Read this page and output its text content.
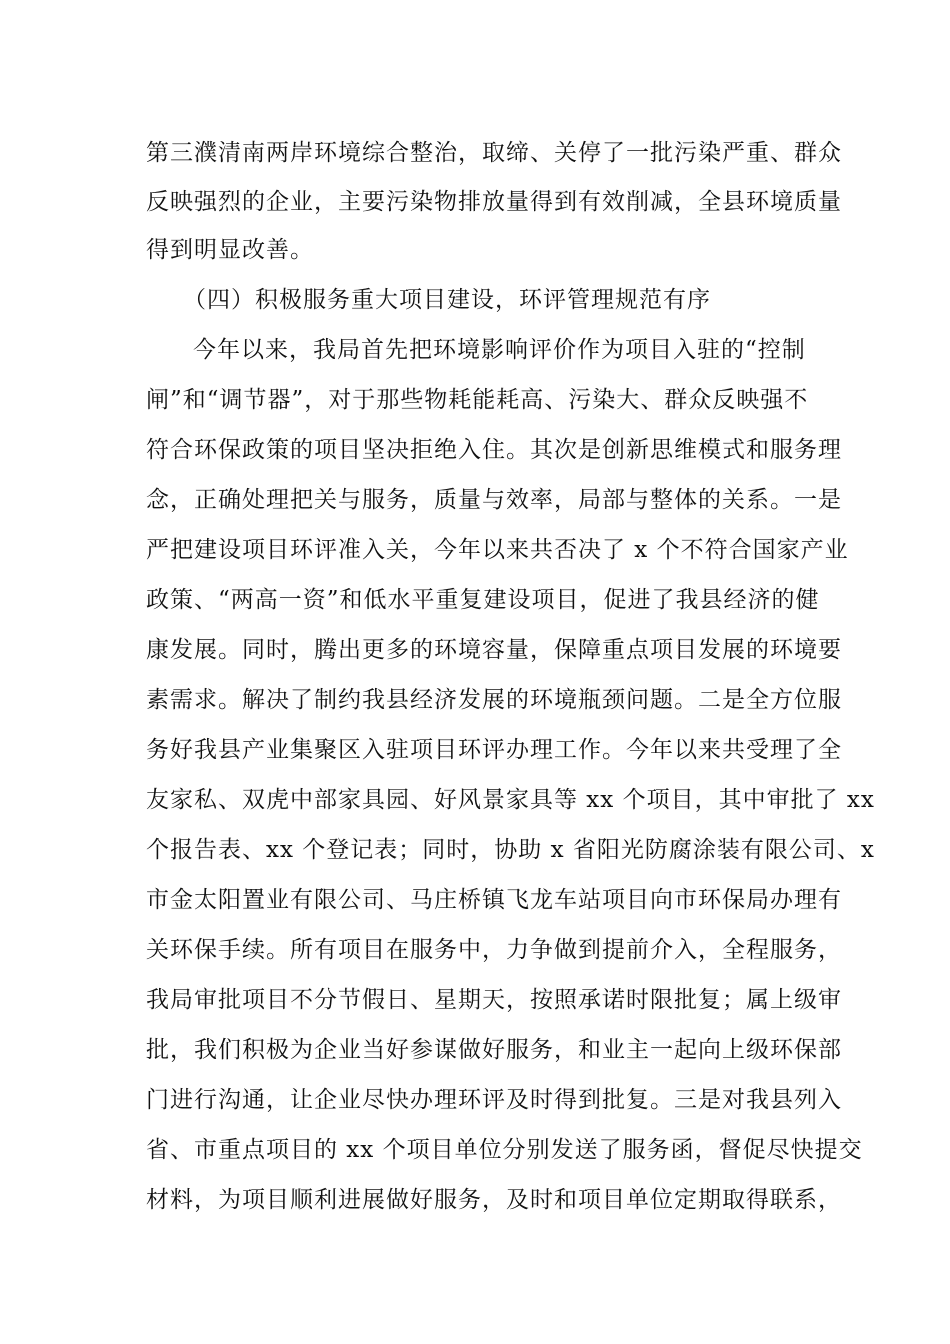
第三濮清南两岸环境综合整治，取缔、关停了一批污染严重、群众
反映强烈的企业，主要污染物排放量得到有效削减，全县环境质量
得到明显改善。
（四）积极服务重大项目建设，环评管理规范有序
今年以来，我局首先把环境影响评价作为项目入驻的“控制
闸”和“调节器”，对于那些物耗能耗高、污染大、群众反映强不
符合环保政策的项目坚决拒绝入住。其次是创新思维模式和服务理
念，正确处理把关与服务，质量与效率，局部与整体的关系。一是
严把建设项目环评准入关，今年以来共否决了 x 个不符合国家产业
政策、“两高一资”和低水平重复建设项目，促进了我县经济的健
康发展。同时，腾出更多的环境容量，保障重点项目发展的环境要
素需求。解决了制约我县经济发展的环境瓶颈问题。二是全方位服
务好我县产业集聚区入驻项目环评办理工作。今年以来共受理了全
友家私、双虎中部家具园、好风景家具等 xx 个项目，其中审批了 xx
个报告表、xx 个登记表；同时，协助 x 省阳光防腐涂装有限公司、x
市金太阳置业有限公司、马庄桥镇飞龙车站项目向市环保局办理有
关环保手续。所有项目在服务中，力争做到提前介入，全程服务，
我局审批项目不分节假日、星期天，按照承诺时限批复；属上级审
批，我们积极为企业当好参谋做好服务，和业主一起向上级环保部
门进行沟通，让企业尽快办理环评及时得到批复。三是对我县列入
省、市重点项目的 xx 个项目单位分别发送了服务函，督促尽快提交
材料，为项目顺利进展做好服务，及时和项目单位定期取得联系，
